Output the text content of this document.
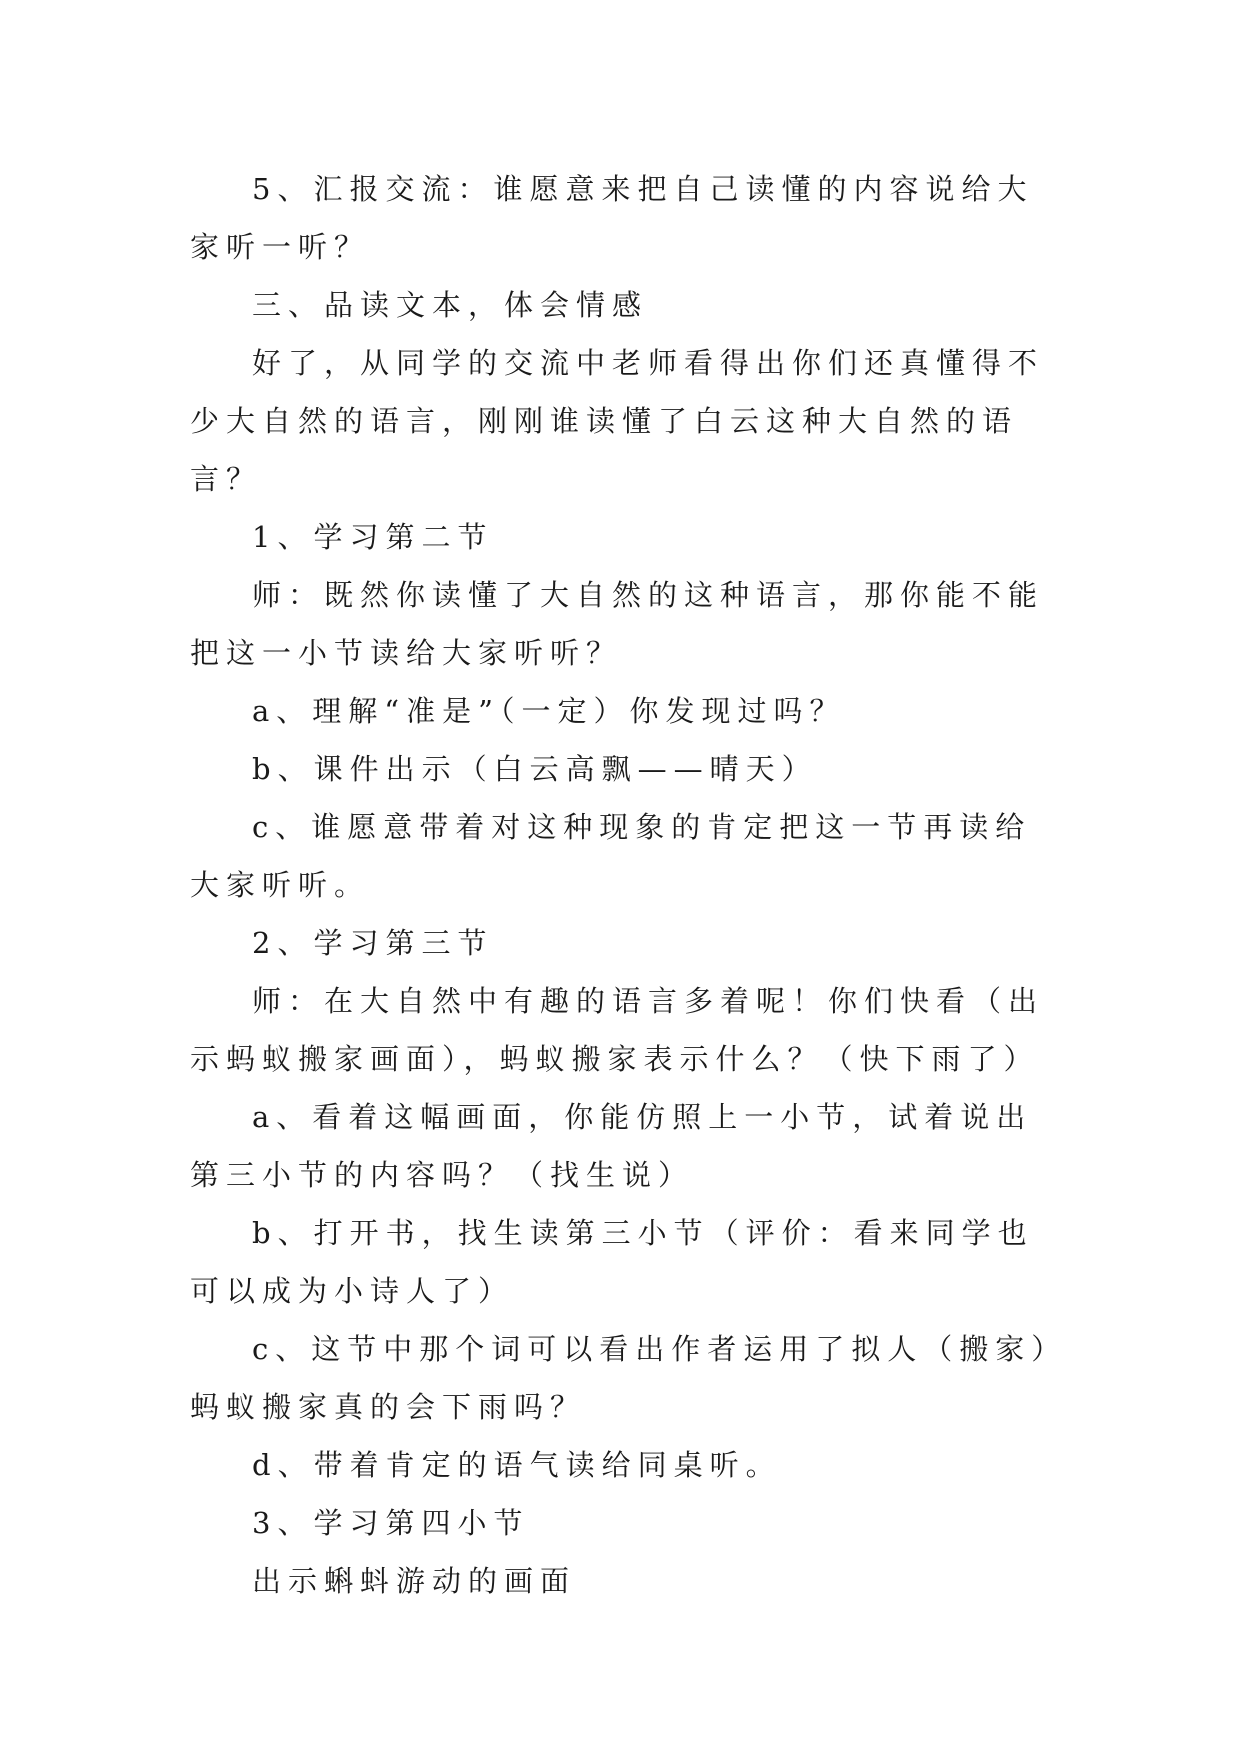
5、汇报交流：谁愿意来把自己读懂的内容说给大家听一听？

三、品读文本，体会情感

好了，从同学的交流中老师看得出你们还真懂得不少大自然的语言，刚刚谁读懂了白云这种大自然的语言？

1、学习第二节

师：既然你读懂了大自然的这种语言，那你能不能把这一小节读给大家听听？

a、理解“准是”（一定）你发现过吗？

b、课件出示（白云高飘——晴天）

c、谁愿意带着对这种现象的肯定把这一节再读给大家听听。

2、学习第三节

师：在大自然中有趣的语言多着呢！你们快看（出示蚂蚁搬家画面），蚂蚁搬家表示什么？（快下雨了）

a、看着这幅画面，你能仿照上一小节，试着说出第三小节的内容吗？（找生说）

b、打开书，找生读第三小节（评价：看来同学也可以成为小诗人了）

c、这节中那个词可以看出作者运用了拟人（搬家）蚂蚁搬家真的会下雨吗？

d、带着肯定的语气读给同桌听。

3、学习第四小节

出示蝌蚪游动的画面
